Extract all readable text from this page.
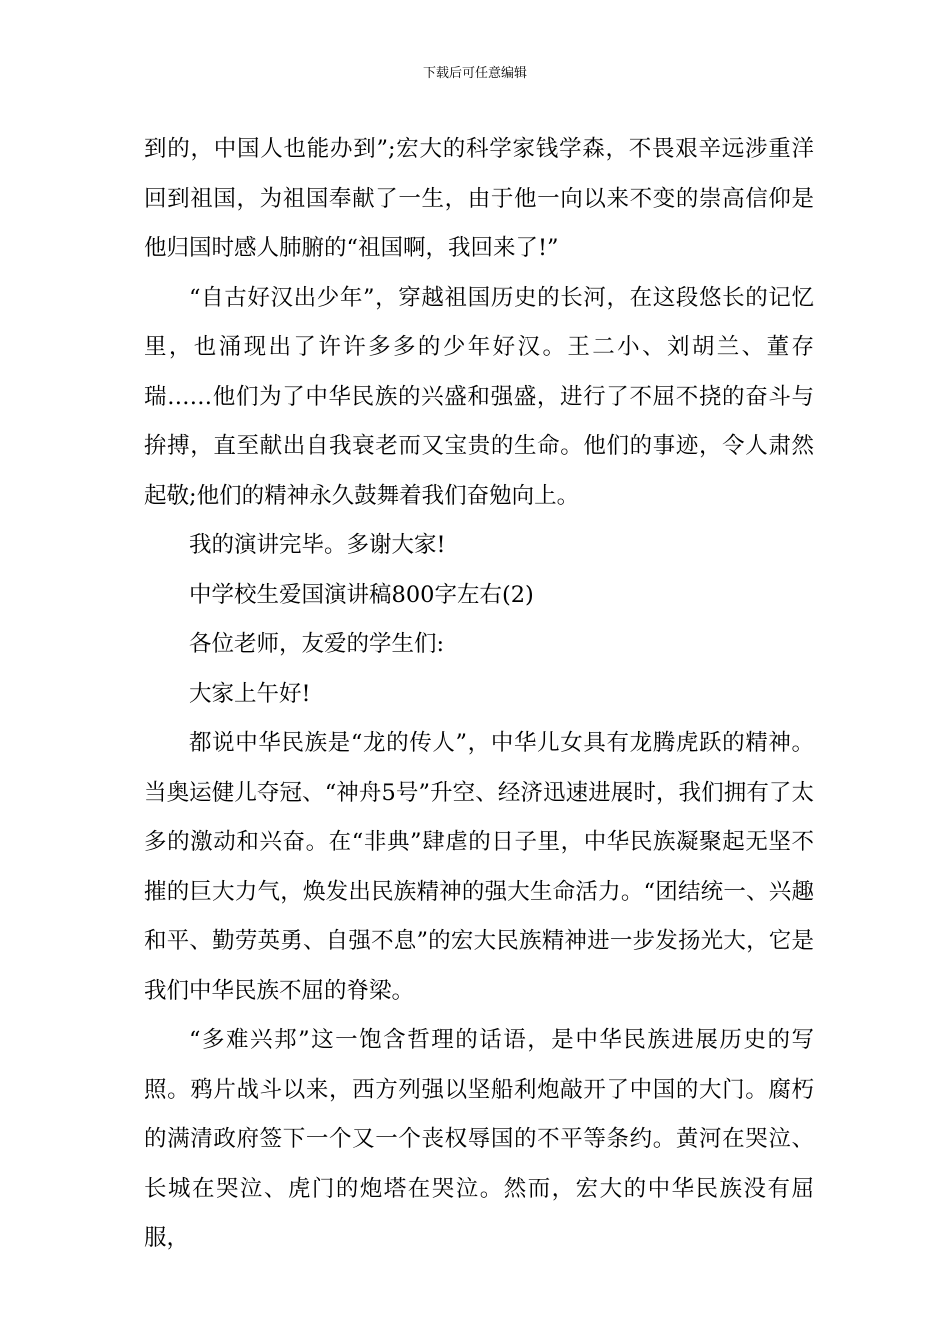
下载后可任意编辑

到的，中国人也能办到”;宏大的科学家钱学森，不畏艰辛远涉重洋回到祖国，为祖国奉献了一生，由于他一向以来不变的崇高信仰是他归国时感人肺腑的“祖国啊，我回来了!”

“自古好汉出少年”，穿越祖国历史的长河，在这段悠长的记忆里，也涌现出了许许多多的少年好汉。王二小、刘胡兰、董存瑞……他们为了中华民族的兴盛和强盛，进行了不屈不挠的奋斗与拚搏，直至献出自我衰老而又宝贵的生命。他们的事迹，令人肃然起敬;他们的精神永久鼓舞着我们奋勉向上。

我的演讲完毕。多谢大家!

中学校生爱国演讲稿800字左右(2)

各位老师，友爱的学生们:

大家上午好!

都说中华民族是“龙的传人”，中华儿女具有龙腾虎跃的精神。当奥运健儿夺冠、“神舟5号”升空、经济迅速进展时，我们拥有了太多的激动和兴奋。在“非典”肆虐的日子里，中华民族凝聚起无坚不摧的巨大力气，焕发出民族精神的强大生命活力。“团结统一、兴趣和平、勤劳英勇、自强不息”的宏大民族精神进一步发扬光大，它是我们中华民族不屈的脊梁。

“多难兴邦”这一饱含哲理的话语，是中华民族进展历史的写照。鸦片战斗以来，西方列强以坚船利炮敲开了中国的大门。腐朽的满清政府签下一个又一个丧权辱国的不平等条约。黄河在哭泣、长城在哭泣、虎门的炮塔在哭泣。然而，宏大的中华民族没有屈服，
